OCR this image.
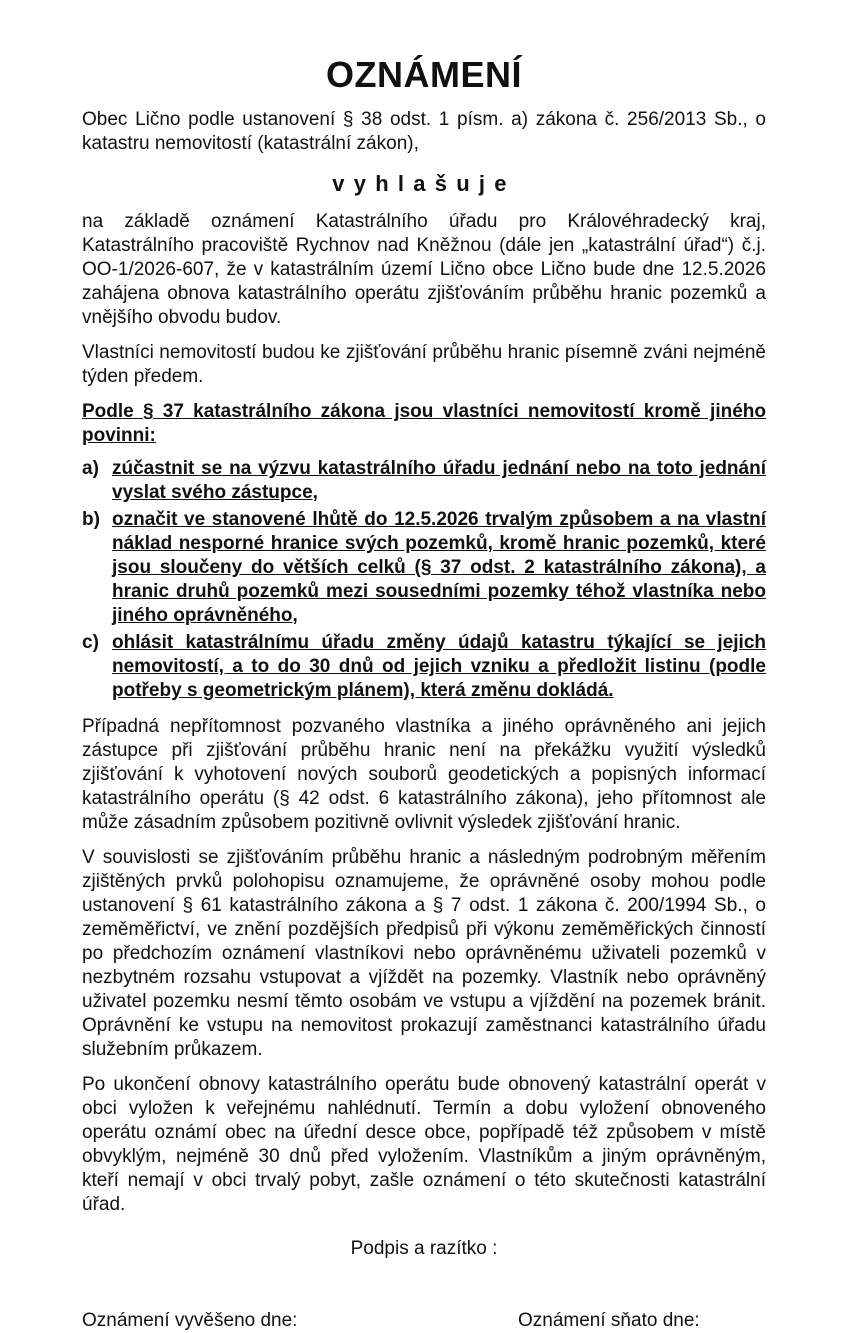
OZNÁMENÍ

Obec Lično podle ustanovení § 38 odst. 1 písm. a) zákona č. 256/2013 Sb., o katastru nemovitostí (katastrální zákon),

vyhlašuje

na základě oznámení Katastrálního úřadu pro Královéhradecký kraj, Katastrálního pracoviště Rychnov nad Kněžnou (dále jen „katastrální úřad“) č.j. OO-1/2026-607, že v katastrálním území Lično obce Lično bude dne 12.5.2026 zahájena obnova katastrálního operátu zjišťováním průběhu hranic pozemků a vnějšího obvodu budov.

Vlastníci nemovitostí budou ke zjišťování průběhu hranic písemně zváni nejméně týden předem.

Podle § 37 katastrálního zákona jsou vlastníci nemovitostí kromě jiného povinni:

a) zúčastnit se na výzvu katastrálního úřadu jednání nebo na toto jednání vyslat svého zástupce,
b) označit ve stanovené lhůtě do 12.5.2026 trvalým způsobem a na vlastní náklad nesporné hranice svých pozemků, kromě hranic pozemků, které jsou sloučeny do větších celků (§ 37 odst. 2 katastrálního zákona), a hranic druhů pozemků mezi sousedními pozemky téhož vlastníka nebo jiného oprávněného,
c) ohlásit katastrálnímu úřadu změny údajů katastru týkající se jejich nemovitostí, a to do 30 dnů od jejich vzniku a předložit listinu (podle potřeby s geometrickým plánem), která změnu dokládá.

Případná nepřítomnost pozvaného vlastníka a jiného oprávněného ani jejich zástupce při zjišťování průběhu hranic není na překážku využití výsledků zjišťování k vyhotovení nových souborů geodetických a popisných informací katastrálního operátu (§ 42 odst. 6 katastrálního zákona), jeho přítomnost ale může zásadním způsobem pozitivně ovlivnit výsledek zjišťování hranic.

V souvislosti se zjišťováním průběhu hranic a následným podrobným měřením zjištěných prvků polohopisu oznamujeme, že oprávněné osoby mohou podle ustanovení § 61 katastrálního zákona a § 7 odst. 1 zákona č. 200/1994 Sb., o zeměměřictví, ve znění pozdějších předpisů při výkonu zeměměřických činností po předchozím oznámení vlastníkovi nebo oprávněnému uživateli pozemků v nezbytném rozsahu vstupovat a vjíždět na pozemky. Vlastník nebo oprávněný uživatel pozemku nesmí těmto osobám ve vstupu a vjíždění na pozemek bránit. Oprávnění ke vstupu na nemovitost prokazují zaměstnanci katastrálního úřadu služebním průkazem.

Po ukončení obnovy katastrálního operátu bude obnovený katastrální operát v obci vyložen k veřejnému nahlédnutí. Termín a dobu vyložení obnoveného operátu oznámí obec na úřední desce obce, popřípadě též způsobem v místě obvyklým, nejméně 30 dnů před vyložením. Vlastníkům a jiným oprávněným, kteří nemají v obci trvalý pobyt, zašle oznámení o této skutečnosti katastrální úřad.

Podpis a razítko :
Oznámení vyvěšeno dne:	Oznámení sňato dne:
